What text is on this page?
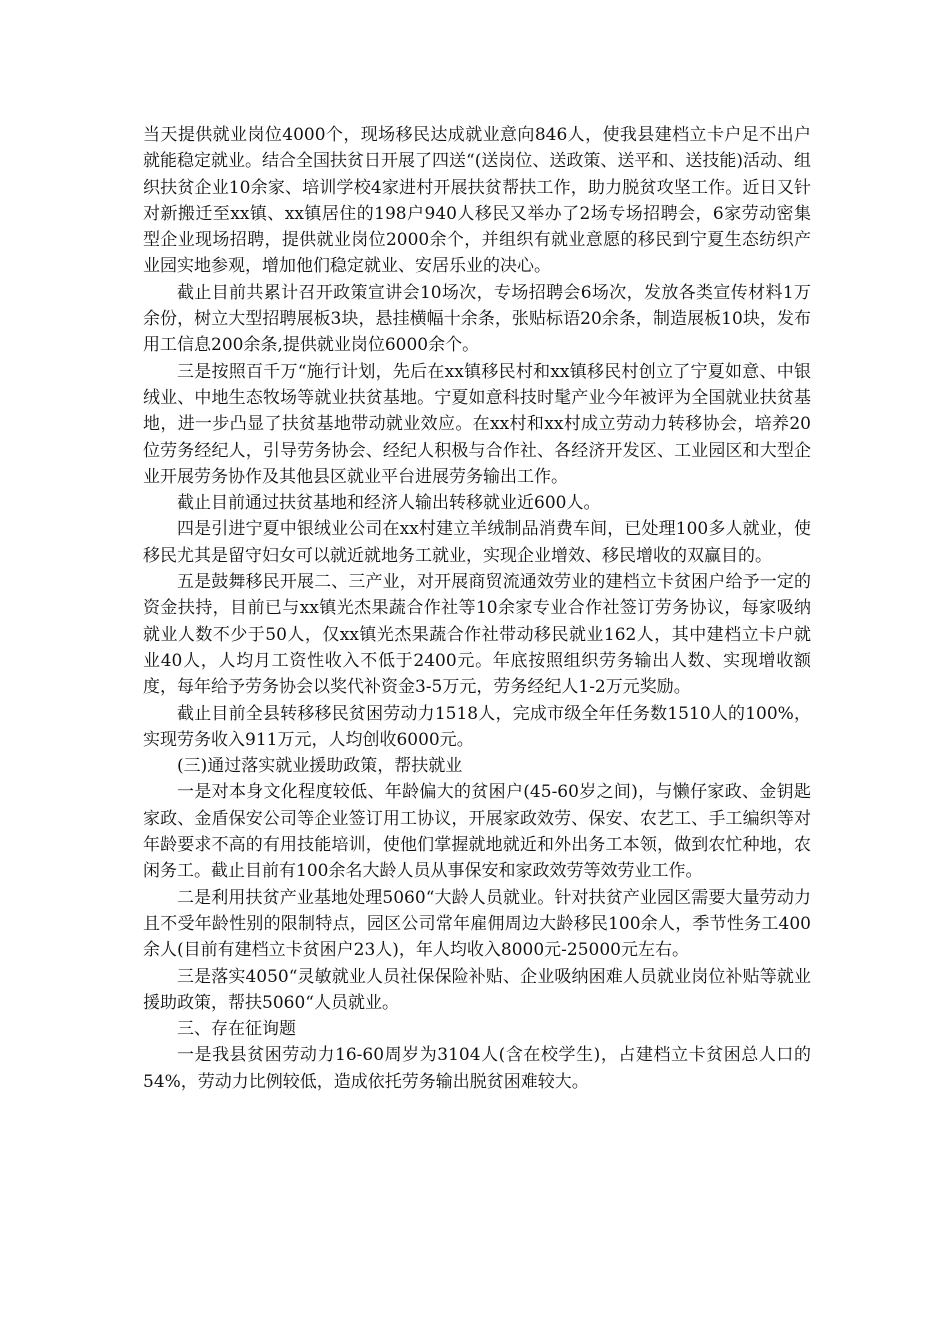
当天提供就业岗位4000个，现场移民达成就业意向846人，使我县建档立卡户足不出户就能稳定就业。结合全国扶贫日开展了四送“(送岗位、送政策、送平和、送技能)活动、组织扶贫企业10余家、培训学校4家进村开展扶贫帮扶工作，助力脱贫攻坚工作。近日又针对新搬迁至xx镇、xx镇居住的198户940人移民又举办了2场专场招聘会，6家劳动密集型企业现场招聘，提供就业岗位2000余个，并组织有就业意愿的移民到宁夏生态纺织产业园实地参观，增加他们稳定就业、安居乐业的决心。

截止目前共累计召开政策宣讲会10场次，专场招聘会6场次，发放各类宣传材料1万余份，树立大型招聘展板3块，悬挂横幅十余条，张贴标语20余条，制造展板10块，发布用工信息200余条,提供就业岗位6000余个。

三是按照百千万“施行计划，先后在xx镇移民村和xx镇移民村创立了宁夏如意、中银绒业、中地生态牧场等就业扶贫基地。宁夏如意科技时髦产业今年被评为全国就业扶贫基地，进一步凸显了扶贫基地带动就业效应。在xx村和xx村成立劳动力转移协会，培养20位劳务经纪人，引导劳务协会、经纪人积极与合作社、各经济开发区、工业园区和大型企业开展劳务协作及其他县区就业平台进展劳务输出工作。

截止目前通过扶贫基地和经济人输出转移就业近600人。

四是引进宁夏中银绒业公司在xx村建立羊绒制品消费车间，已处理100多人就业，使移民尤其是留守妇女可以就近就地务工就业，实现企业增效、移民增收的双赢目的。

五是鼓舞移民开展二、三产业，对开展商贸流通效劳业的建档立卡贫困户给予一定的资金扶持，目前已与xx镇光杰果蔬合作社等10余家专业合作社签订劳务协议，每家吸纳就业人数不少于50人，仅xx镇光杰果蔬合作社带动移民就业162人，其中建档立卡户就业40人，人均月工资性收入不低于2400元。年底按照组织劳务输出人数、实现增收额度，每年给予劳务协会以奖代补资金3-5万元，劳务经纪人1-2万元奖励。

截止目前全县转移移民贫困劳动力1518人，完成市级全年任务数1510人的100%，实现劳务收入911万元，人均创收6000元。

(三)通过落实就业援助政策，帮扶就业

一是对本身文化程度较低、年龄偏大的贫困户(45-60岁之间)，与懒仔家政、金钥匙家政、金盾保安公司等企业签订用工协议，开展家政效劳、保安、农艺工、手工编织等对年龄要求不高的有用技能培训，使他们掌握就地就近和外出务工本领，做到农忙种地，农闲务工。截止目前有100余名大龄人员从事保安和家政效劳等效劳业工作。

二是利用扶贫产业基地处理5060“大龄人员就业。针对扶贫产业园区需要大量劳动力且不受年龄性别的限制特点，园区公司常年雇佣周边大龄移民100余人，季节性务工400余人(目前有建档立卡贫困户23人)，年人均收入8000元-25000元左右。

三是落实4050“灵敏就业人员社保保险补贴、企业吸纳困难人员就业岗位补贴等就业援助政策，帮扶5060“人员就业。

三、存在征询题

一是我县贫困劳动力16-60周岁为3104人(含在校学生)，占建档立卡贫困总人口的54%，劳动力比例较低，造成依托劳务输出脱贫困难较大。
